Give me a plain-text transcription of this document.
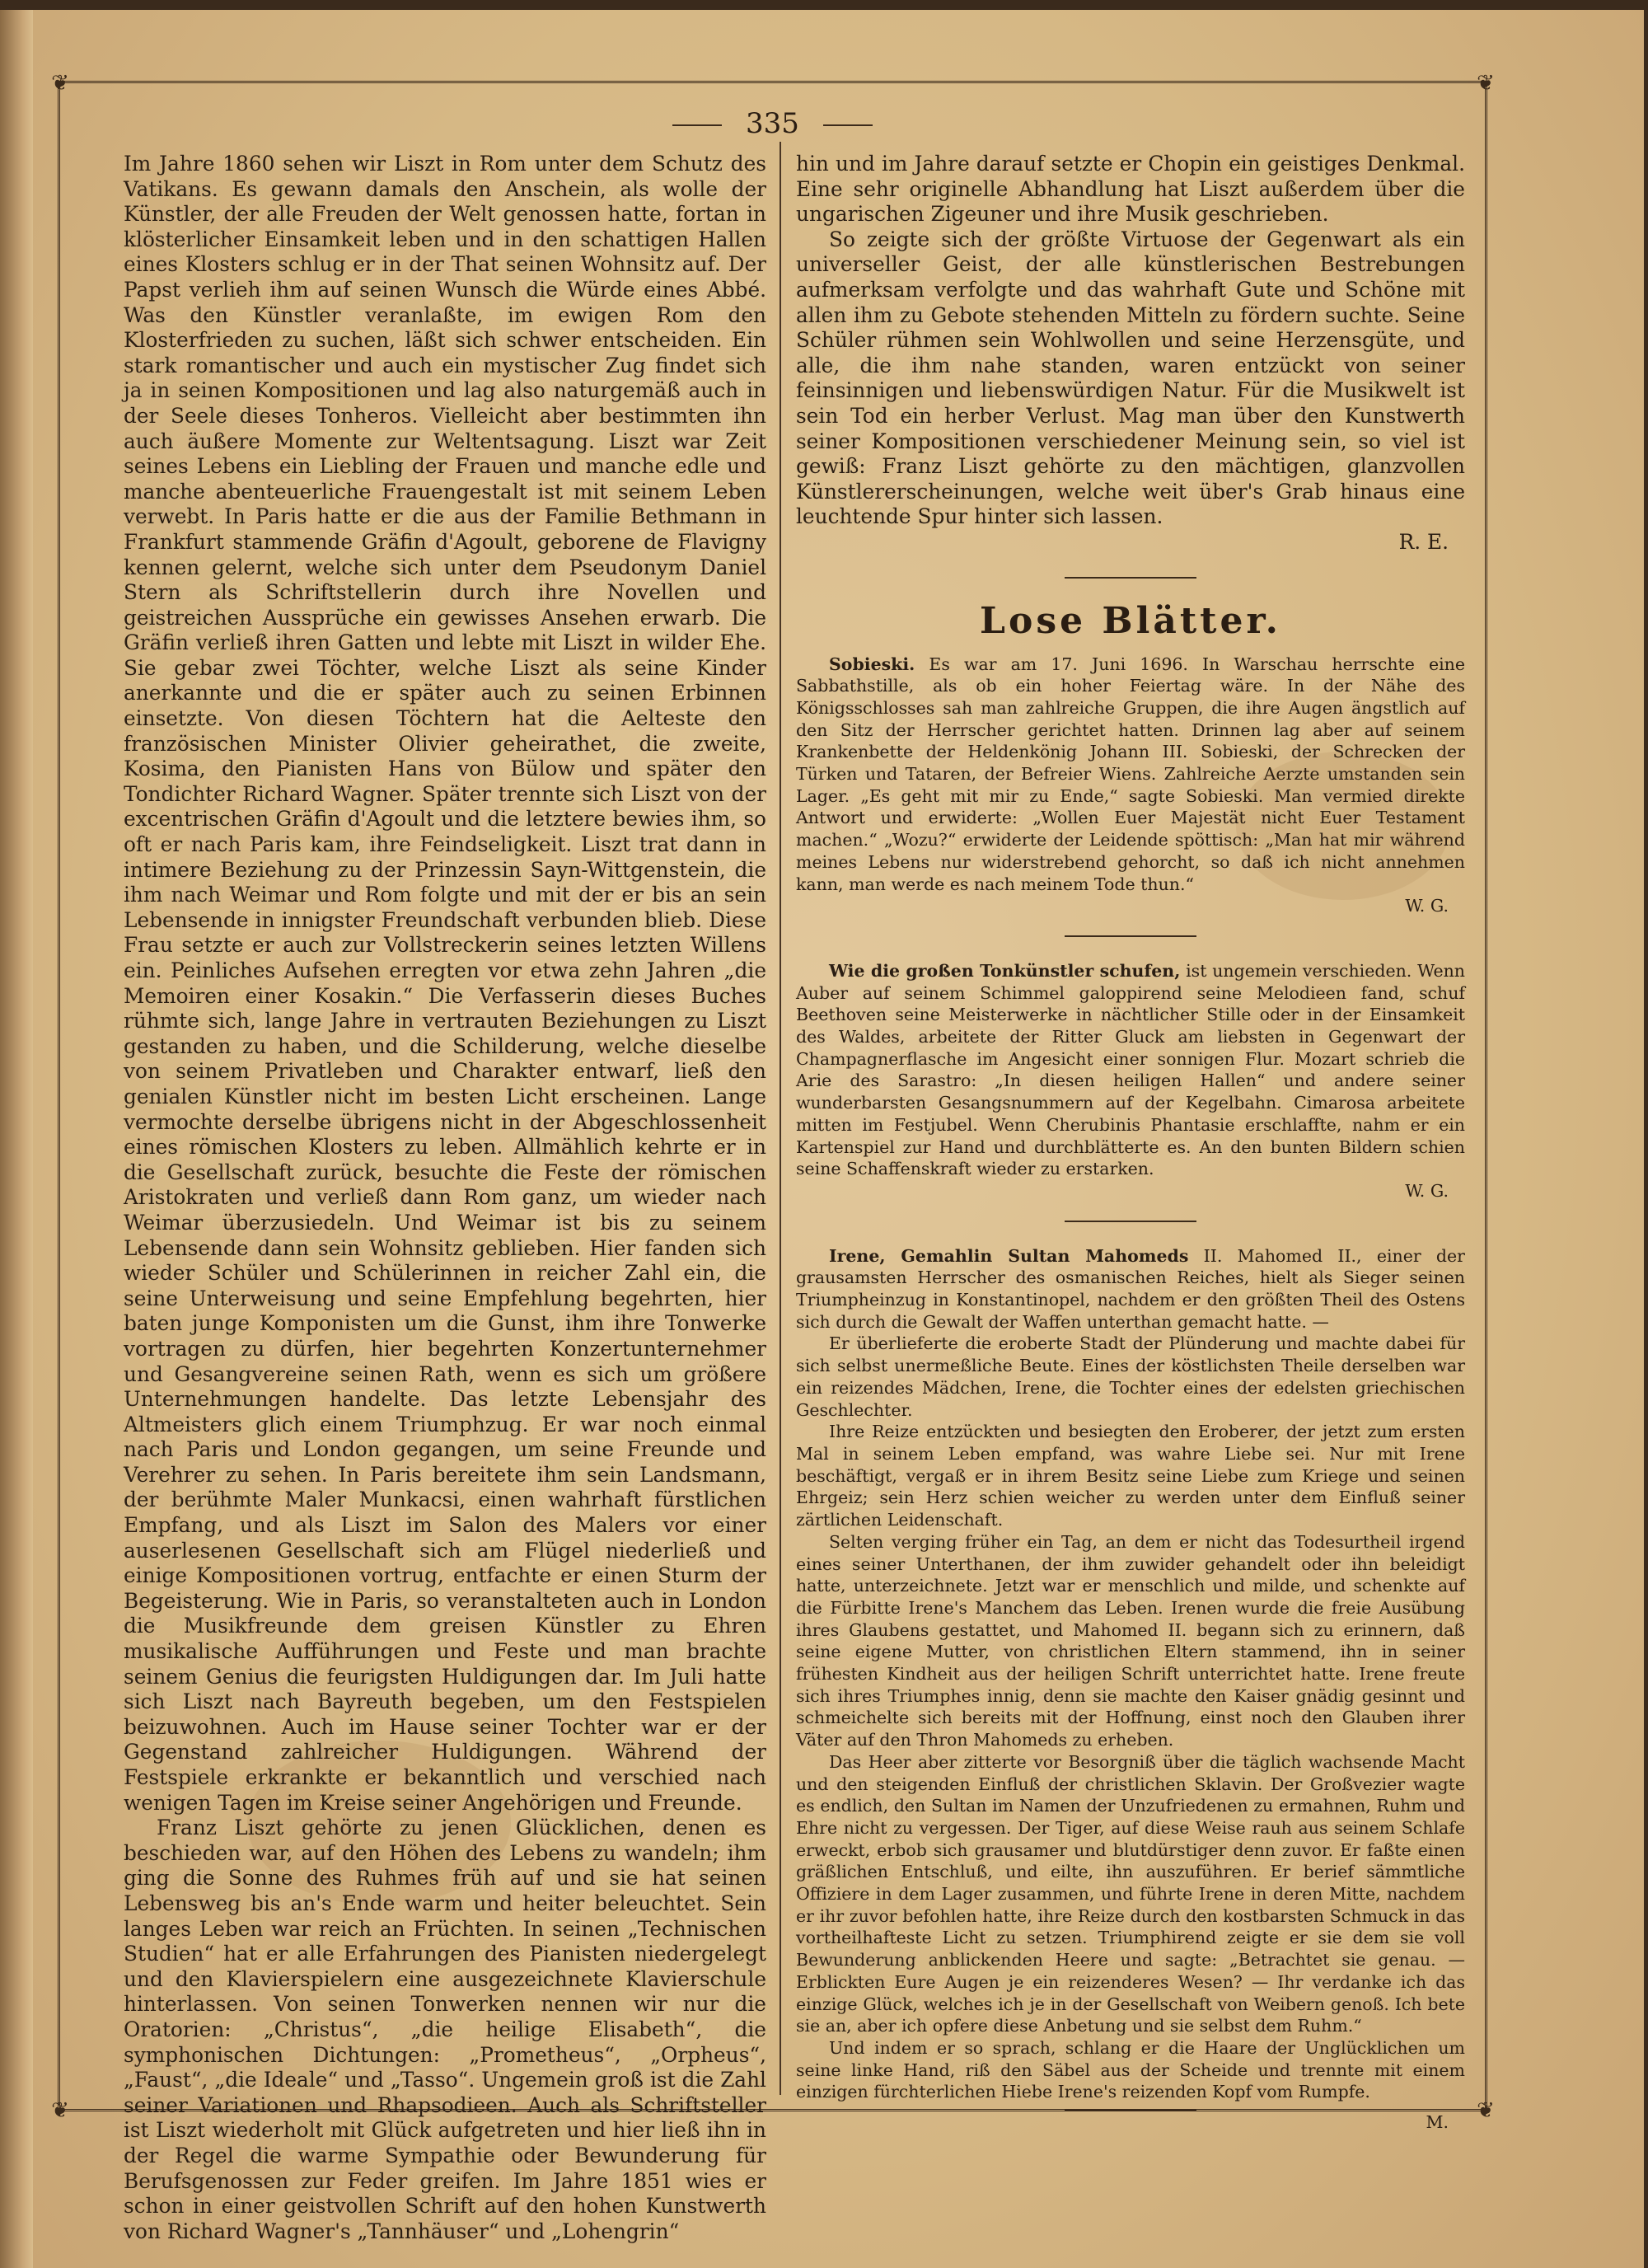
❦	❦
❦	❦
335

Im Jahre 1860 sehen wir Liszt in Rom unter dem Schutz des Vatikans. Es gewann damals den Anschein, als wolle der Künstler, der alle Freuden der Welt genossen hatte, fortan in klösterlicher Einsamkeit leben und in den schattigen Hallen eines Klosters schlug er in der That seinen Wohnsitz auf. Der Papst verlieh ihm auf seinen Wunsch die Würde eines Abbé. Was den Künstler veranlaßte, im ewigen Rom den Klosterfrieden zu suchen, läßt sich schwer entscheiden. Ein stark romantischer und auch ein mystischer Zug findet sich ja in seinen Kompositionen und lag also naturgemäß auch in der Seele dieses Tonheros. Vielleicht aber bestimmten ihn auch äußere Momente zur Weltentsagung. Liszt war Zeit seines Lebens ein Liebling der Frauen und manche edle und manche abenteuerliche Frauengestalt ist mit seinem Leben verwebt. In Paris hatte er die aus der Familie Bethmann in Frankfurt stammende Gräfin d'Agoult, geborene de Flavigny kennen gelernt, welche sich unter dem Pseudonym Daniel Stern als Schriftstellerin durch ihre Novellen und geistreichen Aussprüche ein gewisses Ansehen erwarb. Die Gräfin verließ ihren Gatten und lebte mit Liszt in wilder Ehe. Sie gebar zwei Töchter, welche Liszt als seine Kinder anerkannte und die er später auch zu seinen Erbinnen einsetzte. Von diesen Töchtern hat die Aelteste den französischen Minister Olivier geheirathet, die zweite, Kosima, den Pianisten Hans von Bülow und später den Tondichter Richard Wagner. Später trennte sich Liszt von der excentrischen Gräfin d'Agoult und die letztere bewies ihm, so oft er nach Paris kam, ihre Feindseligkeit. Liszt trat dann in intimere Beziehung zu der Prinzessin Sayn-Wittgenstein, die ihm nach Weimar und Rom folgte und mit der er bis an sein Lebensende in innigster Freundschaft verbunden blieb. Diese Frau setzte er auch zur Vollstreckerin seines letzten Willens ein. Peinliches Aufsehen erregten vor etwa zehn Jahren „die Memoiren einer Kosakin.“ Die Verfasserin dieses Buches rühmte sich, lange Jahre in vertrauten Beziehungen zu Liszt gestanden zu haben, und die Schilderung, welche dieselbe von seinem Privatleben und Charakter entwarf, ließ den genialen Künstler nicht im besten Licht erscheinen. Lange vermochte derselbe übrigens nicht in der Abgeschlossenheit eines römischen Klosters zu leben. Allmählich kehrte er in die Gesellschaft zurück, besuchte die Feste der römischen Aristokraten und verließ dann Rom ganz, um wieder nach Weimar überzusiedeln. Und Weimar ist bis zu seinem Lebensende dann sein Wohnsitz geblieben. Hier fanden sich wieder Schüler und Schülerinnen in reicher Zahl ein, die seine Unterweisung und seine Empfehlung begehrten, hier baten junge Komponisten um die Gunst, ihm ihre Tonwerke vortragen zu dürfen, hier begehrten Konzertunternehmer und Gesangvereine seinen Rath, wenn es sich um größere Unternehmungen handelte. Das letzte Lebensjahr des Altmeisters glich einem Triumphzug. Er war noch einmal nach Paris und London gegangen, um seine Freunde und Verehrer zu sehen. In Paris bereitete ihm sein Landsmann, der berühmte Maler Munkacsi, einen wahrhaft fürstlichen Empfang, und als Liszt im Salon des Malers vor einer auserlesenen Gesellschaft sich am Flügel niederließ und einige Kompositionen vortrug, entfachte er einen Sturm der Begeisterung. Wie in Paris, so veranstalteten auch in London die Musikfreunde dem greisen Künstler zu Ehren musikalische Aufführungen und Feste und man brachte seinem Genius die feurigsten Huldigungen dar. Im Juli hatte sich Liszt nach Bayreuth begeben, um den Festspielen beizuwohnen. Auch im Hause seiner Tochter war er der Gegenstand zahlreicher Huldigungen. Während der Festspiele erkrankte er bekanntlich und verschied nach wenigen Tagen im Kreise seiner Angehörigen und Freunde.

Franz Liszt gehörte zu jenen Glücklichen, denen es beschieden war, auf den Höhen des Lebens zu wandeln; ihm ging die Sonne des Ruhmes früh auf und sie hat seinen Lebensweg bis an's Ende warm und heiter beleuchtet. Sein langes Leben war reich an Früchten. In seinen „Technischen Studien“ hat er alle Erfahrungen des Pianisten niedergelegt und den Klavierspielern eine ausgezeichnete Klavierschule hinterlassen. Von seinen Tonwerken nennen wir nur die Oratorien: „Christus“, „die heilige Elisabeth“, die symphonischen Dichtungen: „Prometheus“, „Orpheus“, „Faust“, „die Ideale“ und „Tasso“. Ungemein groß ist die Zahl seiner Variationen und Rhapsodieen. Auch als Schriftsteller ist Liszt wiederholt mit Glück aufgetreten und hier ließ ihn in der Regel die warme Sympathie oder Bewunderung für Berufsgenossen zur Feder greifen. Im Jahre 1851 wies er schon in einer geistvollen Schrift auf den hohen Kunstwerth von Richard Wagner's „Tannhäuser“ und „Lohengrin“

hin und im Jahre darauf setzte er Chopin ein geistiges Denkmal. Eine sehr originelle Abhandlung hat Liszt außerdem über die ungarischen Zigeuner und ihre Musik geschrieben.

So zeigte sich der größte Virtuose der Gegenwart als ein universeller Geist, der alle künstlerischen Bestrebungen aufmerksam verfolgte und das wahrhaft Gute und Schöne mit allen ihm zu Gebote stehenden Mitteln zu fördern suchte. Seine Schüler rühmen sein Wohlwollen und seine Herzensgüte, und alle, die ihm nahe standen, waren entzückt von seiner feinsinnigen und liebenswürdigen Natur. Für die Musikwelt ist sein Tod ein herber Verlust. Mag man über den Kunstwerth seiner Kompositionen verschiedener Meinung sein, so viel ist gewiß: Franz Liszt gehörte zu den mächtigen, glanzvollen Künstlererscheinungen, welche weit über's Grab hinaus eine leuchtende Spur hinter sich lassen.

R. E.
Lose Blätter.

Sobieski. Es war am 17. Juni 1696. In Warschau herrschte eine Sabbathstille, als ob ein hoher Feiertag wäre. In der Nähe des Königsschlosses sah man zahlreiche Gruppen, die ihre Augen ängstlich auf den Sitz der Herrscher gerichtet hatten. Drinnen lag aber auf seinem Krankenbette der Heldenkönig Johann III. Sobieski, der Schrecken der Türken und Tataren, der Befreier Wiens. Zahlreiche Aerzte umstanden sein Lager. „Es geht mit mir zu Ende,“ sagte Sobieski. Man vermied direkte Antwort und erwiderte: „Wollen Euer Majestät nicht Euer Testament machen.“ „Wozu?“ erwiderte der Leidende spöttisch: „Man hat mir während meines Lebens nur widerstrebend gehorcht, so daß ich nicht annehmen kann, man werde es nach meinem Tode thun.“

W. G.

Wie die großen Tonkünstler schufen, ist ungemein verschieden. Wenn Auber auf seinem Schimmel galoppirend seine Melodieen fand, schuf Beethoven seine Meisterwerke in nächtlicher Stille oder in der Einsamkeit des Waldes, arbeitete der Ritter Gluck am liebsten in Gegenwart der Champagnerflasche im Angesicht einer sonnigen Flur. Mozart schrieb die Arie des Sarastro: „In diesen heiligen Hallen“ und andere seiner wunderbarsten Gesangsnummern auf der Kegelbahn. Cimarosa arbeitete mitten im Festjubel. Wenn Cherubinis Phantasie erschlaffte, nahm er ein Kartenspiel zur Hand und durchblätterte es. An den bunten Bildern schien seine Schaffenskraft wieder zu erstarken.

W. G.

Irene, Gemahlin Sultan Mahomeds II. Mahomed II., einer der grausamsten Herrscher des osmanischen Reiches, hielt als Sieger seinen Triumpheinzug in Konstantinopel, nachdem er den größten Theil des Ostens sich durch die Gewalt der Waffen unterthan gemacht hatte. —

Er überlieferte die eroberte Stadt der Plünderung und machte dabei für sich selbst unermeßliche Beute. Eines der köstlichsten Theile derselben war ein reizendes Mädchen, Irene, die Tochter eines der edelsten griechischen Geschlechter.

Ihre Reize entzückten und besiegten den Eroberer, der jetzt zum ersten Mal in seinem Leben empfand, was wahre Liebe sei. Nur mit Irene beschäftigt, vergaß er in ihrem Besitz seine Liebe zum Kriege und seinen Ehrgeiz; sein Herz schien weicher zu werden unter dem Einfluß seiner zärtlichen Leidenschaft.

Selten verging früher ein Tag, an dem er nicht das Todesurtheil irgend eines seiner Unterthanen, der ihm zuwider gehandelt oder ihn beleidigt hatte, unterzeichnete. Jetzt war er menschlich und milde, und schenkte auf die Fürbitte Irene's Manchem das Leben. Irenen wurde die freie Ausübung ihres Glaubens gestattet, und Mahomed II. begann sich zu erinnern, daß seine eigene Mutter, von christlichen Eltern stammend, ihn in seiner frühesten Kindheit aus der heiligen Schrift unterrichtet hatte. Irene freute sich ihres Triumphes innig, denn sie machte den Kaiser gnädig gesinnt und schmeichelte sich bereits mit der Hoffnung, einst noch den Glauben ihrer Väter auf den Thron Mahomeds zu erheben.

Das Heer aber zitterte vor Besorgniß über die täglich wachsende Macht und den steigenden Einfluß der christlichen Sklavin. Der Großvezier wagte es endlich, den Sultan im Namen der Unzufriedenen zu ermahnen, Ruhm und Ehre nicht zu vergessen. Der Tiger, auf diese Weise rauh aus seinem Schlafe erweckt, erbob sich grausamer und blutdürstiger denn zuvor. Er faßte einen gräßlichen Entschluß, und eilte, ihn auszuführen. Er berief sämmtliche Offiziere in dem Lager zusammen, und führte Irene in deren Mitte, nachdem er ihr zuvor befohlen hatte, ihre Reize durch den kostbarsten Schmuck in das vortheilhafteste Licht zu setzen. Triumphirend zeigte er sie dem sie voll Bewunderung anblickenden Heere und sagte: „Betrachtet sie genau. — Erblickten Eure Augen je ein reizenderes Wesen? — Ihr verdanke ich das einzige Glück, welches ich je in der Gesellschaft von Weibern genoß. Ich bete sie an, aber ich opfere diese Anbetung und sie selbst dem Ruhm.“

Und indem er so sprach, schlang er die Haare der Unglücklichen um seine linke Hand, riß den Säbel aus der Scheide und trennte mit einem einzigen fürchterlichen Hiebe Irene's reizenden Kopf vom Rumpfe.

M.
